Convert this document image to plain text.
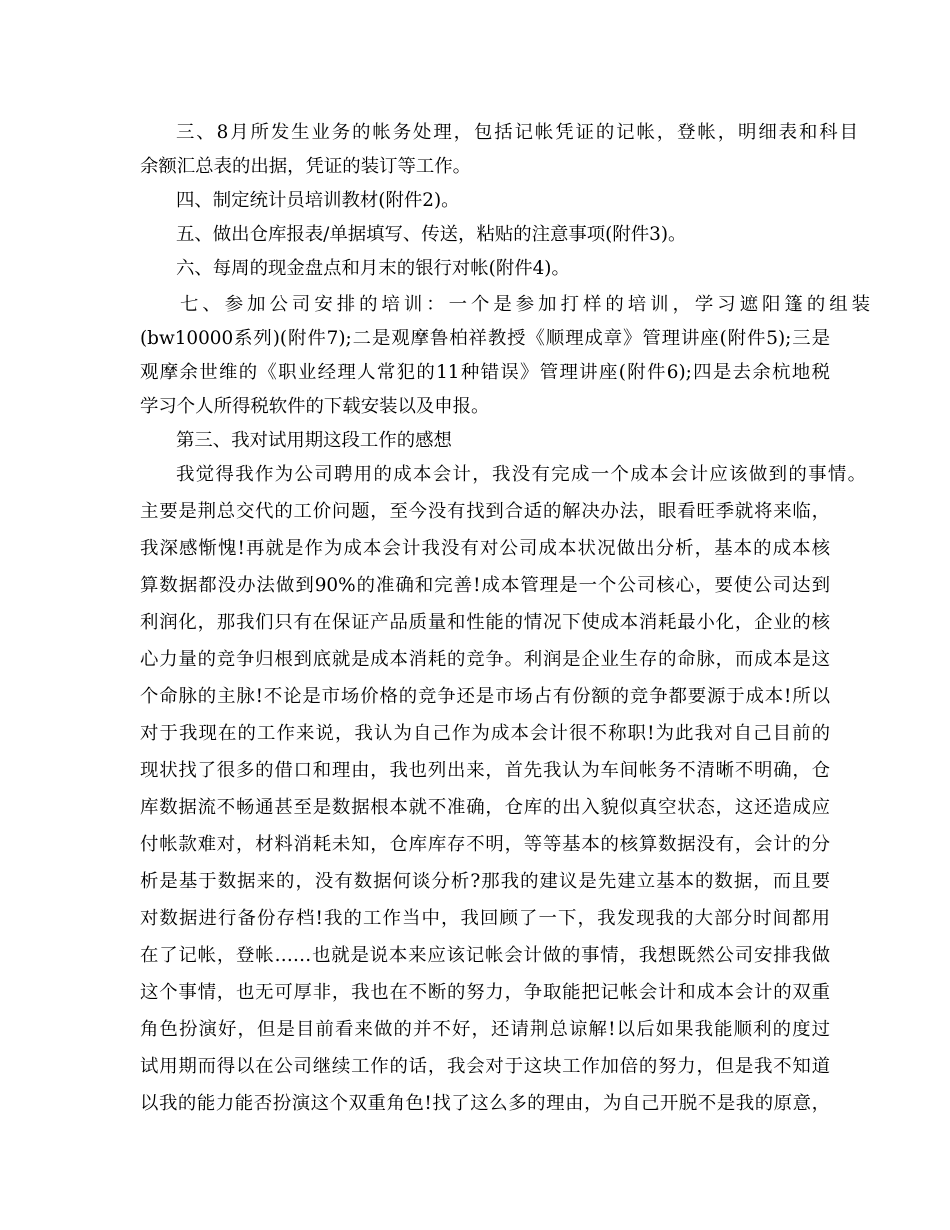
三、8月所发生业务的帐务处理，包括记帐凭证的记帐，登帐，明细表和科目
余额汇总表的出据，凭证的装订等工作。
四、制定统计员培训教材(附件2)。
五、做出仓库报表/单据填写、传送，粘贴的注意事项(附件3)。
六、每周的现金盘点和月末的银行对帐(附件4)。
七、参加公司安排的培训：一个是参加打样的培训，学习遮阳篷的组装
(bw10000系列)(附件7);二是观摩鲁柏祥教授《顺理成章》管理讲座(附件5);三是
观摩余世维的《职业经理人常犯的11种错误》管理讲座(附件6);四是去余杭地税
学习个人所得税软件的下载安装以及申报。
第三、我对试用期这段工作的感想
我觉得我作为公司聘用的成本会计，我没有完成一个成本会计应该做到的事情。
主要是荆总交代的工价问题，至今没有找到合适的解决办法，眼看旺季就将来临，
我深感惭愧!再就是作为成本会计我没有对公司成本状况做出分析，基本的成本核
算数据都没办法做到90%的准确和完善!成本管理是一个公司核心，要使公司达到
利润化，那我们只有在保证产品质量和性能的情况下使成本消耗最小化，企业的核
心力量的竞争归根到底就是成本消耗的竞争。利润是企业生存的命脉，而成本是这
个命脉的主脉!不论是市场价格的竞争还是市场占有份额的竞争都要源于成本!所以
对于我现在的工作来说，我认为自己作为成本会计很不称职!为此我对自己目前的
现状找了很多的借口和理由，我也列出来，首先我认为车间帐务不清晰不明确，仓
库数据流不畅通甚至是数据根本就不准确，仓库的出入貌似真空状态，这还造成应
付帐款难对，材料消耗未知，仓库库存不明，等等基本的核算数据没有，会计的分
析是基于数据来的，没有数据何谈分析?那我的建议是先建立基本的数据，而且要
对数据进行备份存档!我的工作当中，我回顾了一下，我发现我的大部分时间都用
在了记帐，登帐……也就是说本来应该记帐会计做的事情，我想既然公司安排我做
这个事情，也无可厚非，我也在不断的努力，争取能把记帐会计和成本会计的双重
角色扮演好，但是目前看来做的并不好，还请荆总谅解!以后如果我能顺利的度过
试用期而得以在公司继续工作的话，我会对于这块工作加倍的努力，但是我不知道
以我的能力能否扮演这个双重角色!找了这么多的理由，为自己开脱不是我的原意，
